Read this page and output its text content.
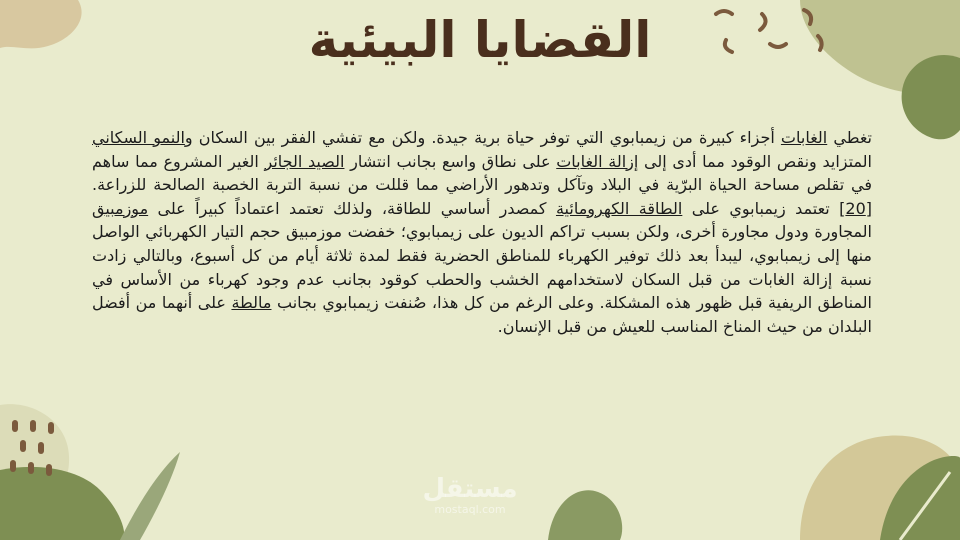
القضايا البيئية

تغطي الغابات أجزاء كبيرة من زيمبابوي التي توفر حياة برية جيدة. ولكن مع تفشي الفقر بين السكان والنمو السكاني المتزايد ونقص الوقود مما أدى إلى إزالة الغابات على نطاق واسع بجانب انتشار الصيد الجائر الغير المشروع مما ساهم في تقلص مساحة الحياة البرّية في البلاد وتآكل وتدهور الأراضي مما قللت من نسبة التربة الخصبة الصالحة للزراعة.[20] تعتمد زيمبابوي على الطاقة الكهرومائية كمصدر أساسي للطاقة، ولذلك تعتمد اعتماداً كبيراً على موزمبيق المجاورة ودول مجاورة أخرى، ولكن بسبب تراكم الديون على زيمبابوي؛ خفضت موزمبيق حجم التيار الكهربائي الواصل منها إلى زيمبابوي، ليبدأ بعد ذلك توفير الكهرباء للمناطق الحضرية فقط لمدة ثلاثة أيام من كل أسبوع، وبالتالي زادت نسبة إزالة الغابات من قبل السكان لاستخدامهم الخشب والحطب كوقود بجانب عدم وجود كهرباء من الأساس في المناطق الريفية قبل ظهور هذه المشكلة. وعلى الرغم من كل هذا، صُنفت زيمبابوي بجانب مالطة على أنهما من أفضل البلدان من حيث المناخ المناسب للعيش من قبل الإنسان.

مستقل
mostaql.com
